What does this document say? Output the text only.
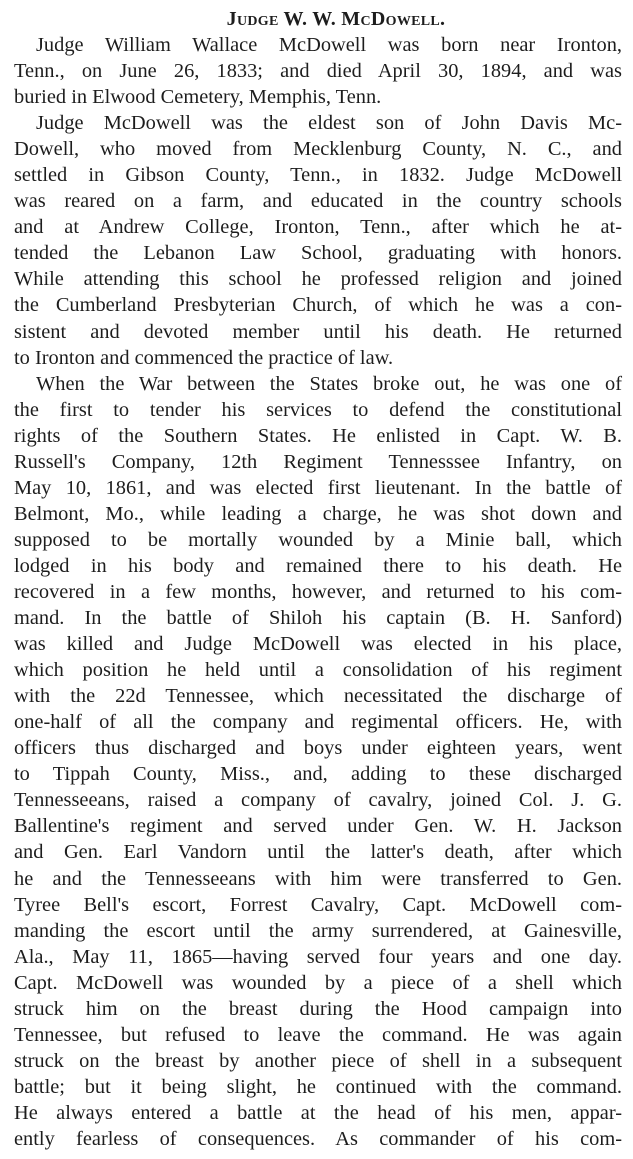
Judge W. W. McDowell.
Judge William Wallace McDowell was born near Ironton,
Tenn., on June 26, 1833; and died April 30, 1894, and was
buried in Elwood Cemetery, Memphis, Tenn.
Judge McDowell was the eldest son of John Davis Mc-
Dowell, who moved from Mecklenburg County, N. C., and
settled in Gibson County, Tenn., in 1832. Judge McDowell
was reared on a farm, and educated in the country schools
and at Andrew College, Ironton, Tenn., after which he at-
tended the Lebanon Law School, graduating with honors.
While attending this school he professed religion and joined
the Cumberland Presbyterian Church, of which he was a con-
sistent and devoted member until his death. He returned
to Ironton and commenced the practice of law.
When the War between the States broke out, he was one of
the first to tender his services to defend the constitutional
rights of the Southern States. He enlisted in Capt. W. B.
Russell's Company, 12th Regiment Tennesssee Infantry, on
May 10, 1861, and was elected first lieutenant. In the battle of
Belmont, Mo., while leading a charge, he was shot down and
supposed to be mortally wounded by a Minie ball, which
lodged in his body and remained there to his death. He
recovered in a few months, however, and returned to his com-
mand. In the battle of Shiloh his captain (B. H. Sanford)
was killed and Judge McDowell was elected in his place,
which position he held until a consolidation of his regiment
with the 22d Tennessee, which necessitated the discharge of
one-half of all the company and regimental officers. He, with
officers thus discharged and boys under eighteen years, went
to Tippah County, Miss., and, adding to these discharged
Tennesseeans, raised a company of cavalry, joined Col. J. G.
Ballentine's regiment and served under Gen. W. H. Jackson
and Gen. Earl Vandorn until the latter's death, after which
he and the Tennesseeans with him were transferred to Gen.
Tyree Bell's escort, Forrest Cavalry, Capt. McDowell com-
manding the escort until the army surrendered, at Gainesville,
Ala., May 11, 1865—having served four years and one day.
Capt. McDowell was wounded by a piece of a shell which
struck him on the breast during the Hood campaign into
Tennessee, but refused to leave the command. He was again
struck on the breast by another piece of shell in a subsequent
battle; but it being slight, he continued with the command.
He always entered a battle at the head of his men, appar-
ently fearless of consequences. As commander of his com-
